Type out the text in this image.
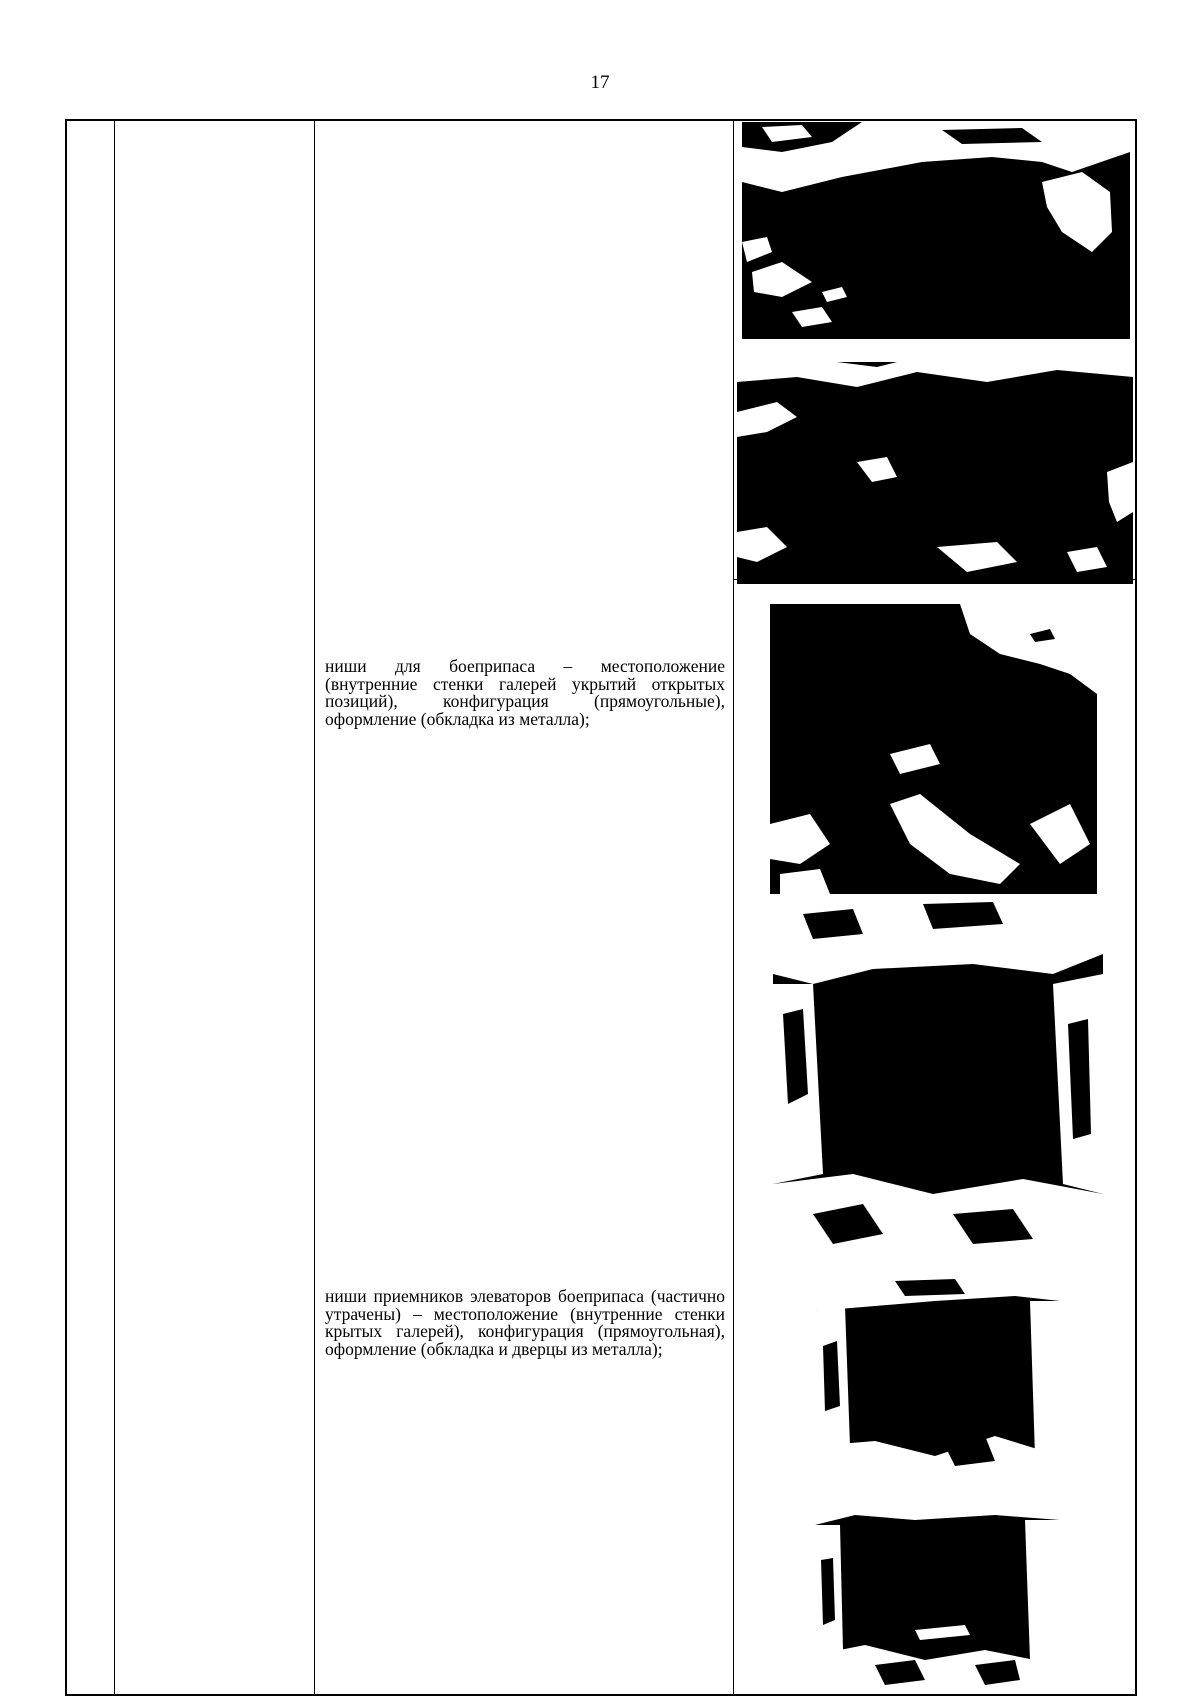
17
ниши для боеприпаса – местоположение (внутренние стенки галерей укрытий открытых позиций), конфигурация (прямоугольные), оформление (обкладка из металла);
ниши приемников элеваторов боеприпаса (частично утрачены) – местоположение (внутренние стенки крытых галерей), конфигурация (прямоугольная), оформление (обкладка и дверцы из металла);
